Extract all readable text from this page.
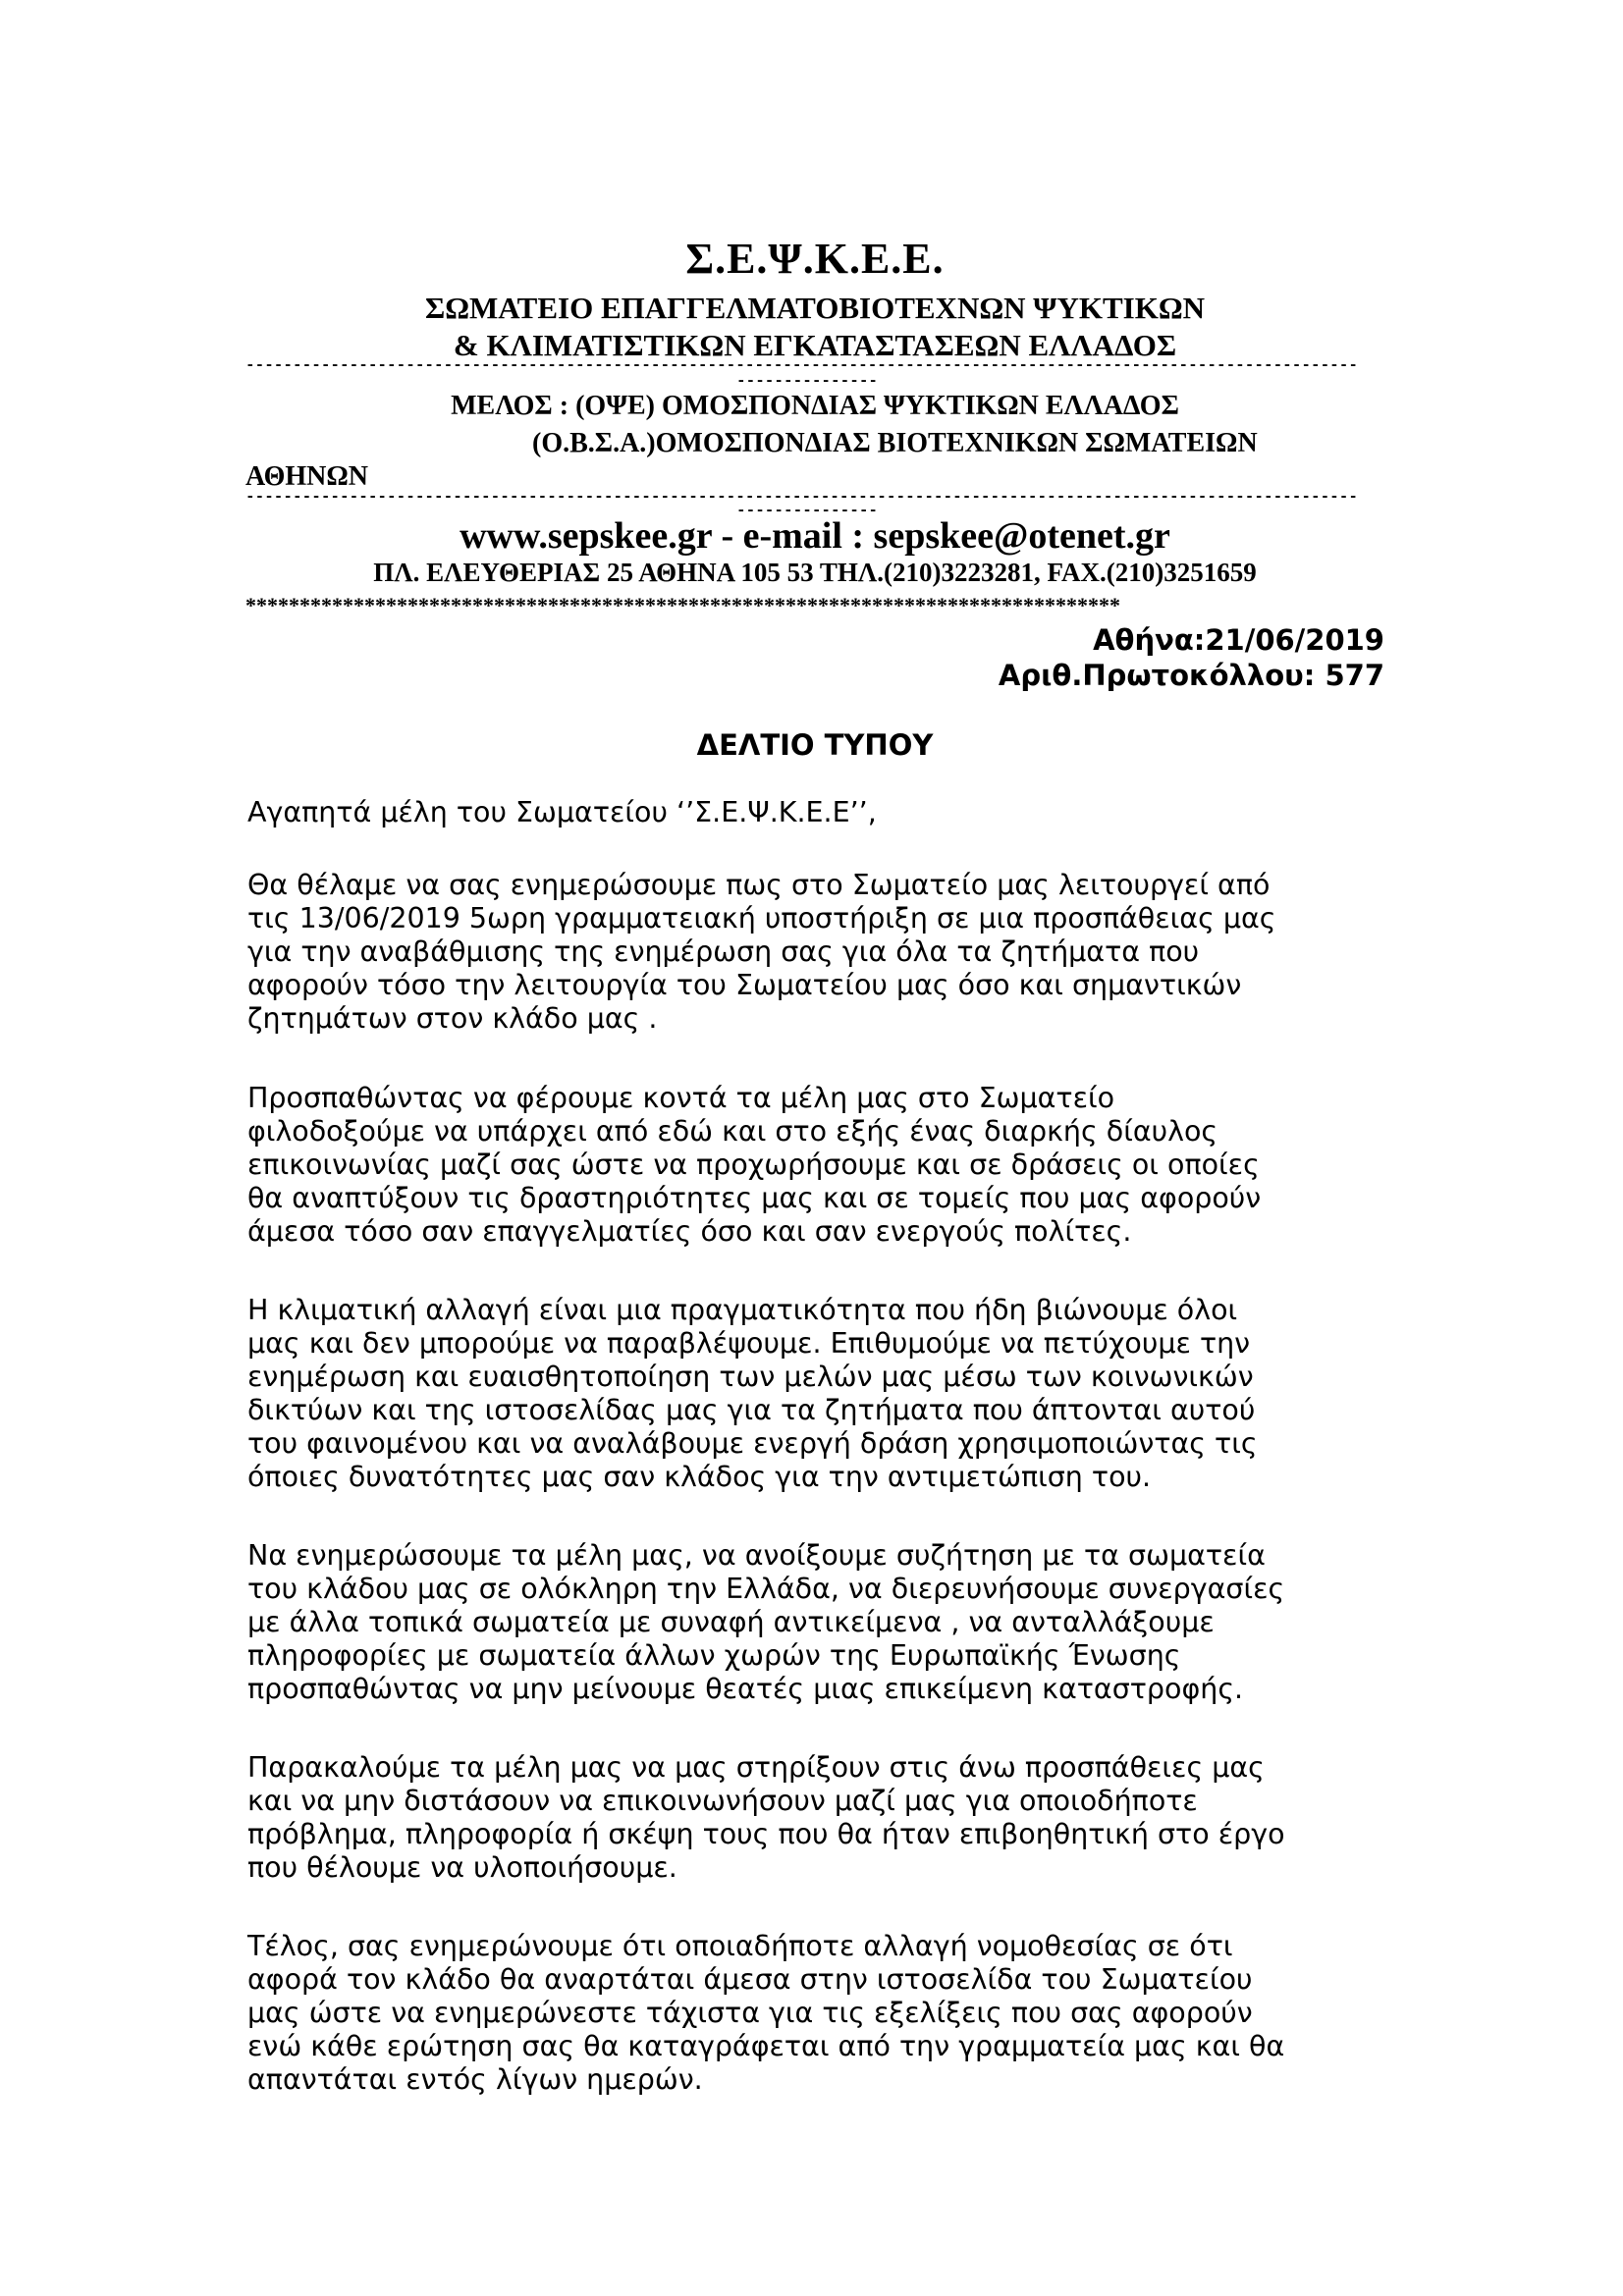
Σ.Ε.Ψ.Κ.Ε.Ε.
ΣΩΜΑΤΕΙΟ ΕΠΑΓΓΕΛΜΑΤΟΒΙΟΤΕΧΝΩΝ ΨΥΚΤΙΚΩΝ
& ΚΛΙΜΑΤΙΣΤΙΚΩΝ ΕΓΚΑΤΑΣΤΑΣΕΩΝ ΕΛΛΑΔΟΣ
----------------------------------------------------------------------------------------------------------------------
---------------
ΜΕΛΟΣ : (ΟΨΕ) ΟΜΟΣΠΟΝΔΙΑΣ ΨΥΚΤΙΚΩΝ ΕΛΛΑΔΟΣ
(Ο.Β.Σ.Α.)ΟΜΟΣΠΟΝΔΙΑΣ ΒΙΟΤΕΧΝΙΚΩΝ ΣΩΜΑΤΕΙΩΝ
ΑΘΗΝΩΝ
----------------------------------------------------------------------------------------------------------------------
---------------
www.sepskee.gr - e-mail : sepskee@otenet.gr
ΠΛ. ΕΛΕΥΘΕΡΙΑΣ 25 ΑΘΗΝΑ 105 53 ΤΗΛ.(210)3223281, FAX.(210)3251659
*********************************************************************************
Αθήνα:21/06/2019
Αριθ.Πρωτοκόλλου: 577
ΔΕΛΤΙΟ ΤΥΠΟΥ
Αγαπητά μέλη του Σωματείου ‘’Σ.Ε.Ψ.Κ.Ε.Ε’’,

Θα θέλαμε να σας ενημερώσουμε πως στο Σωματείο μας λειτουργεί από

τις 13/06/2019 5ωρη γραμματειακή υποστήριξη σε μια προσπάθειας μας

για την αναβάθμισης της ενημέρωση σας για όλα τα ζητήματα που

αφορούν τόσο την λειτουργία του Σωματείου μας όσο και σημαντικών

ζητημάτων στον κλάδο μας .

Προσπαθώντας να φέρουμε κοντά τα μέλη μας στο Σωματείο

φιλοδοξούμε να υπάρχει από εδώ και στο εξής ένας διαρκής δίαυλος

επικοινωνίας μαζί σας ώστε να προχωρήσουμε και σε δράσεις οι οποίες

θα αναπτύξουν τις δραστηριότητες μας και σε τομείς που μας αφορούν

άμεσα τόσο σαν επαγγελματίες όσο και σαν ενεργούς πολίτες.

Η κλιματική αλλαγή είναι μια πραγματικότητα που ήδη βιώνουμε όλοι

μας και δεν μπορούμε να παραβλέψουμε. Επιθυμούμε να πετύχουμε την

ενημέρωση και ευαισθητοποίηση των μελών μας μέσω των κοινωνικών

δικτύων και της ιστοσελίδας μας για τα ζητήματα που άπτονται αυτού

του φαινομένου και να αναλάβουμε ενεργή δράση χρησιμοποιώντας τις

όποιες δυνατότητες μας σαν κλάδος για την αντιμετώπιση του.

Να ενημερώσουμε τα μέλη μας, να ανοίξουμε συζήτηση με τα σωματεία

του κλάδου μας σε ολόκληρη την Ελλάδα, να διερευνήσουμε συνεργασίες

με άλλα τοπικά σωματεία με συναφή αντικείμενα , να ανταλλάξουμε

πληροφορίες με σωματεία άλλων χωρών της Ευρωπαϊκής Ένωσης

προσπαθώντας να μην μείνουμε θεατές μιας επικείμενη καταστροφής.

Παρακαλούμε τα μέλη μας να μας στηρίξουν στις άνω προσπάθειες μας

και να μην διστάσουν να επικοινωνήσουν μαζί μας για οποιοδήποτε

πρόβλημα, πληροφορία ή σκέψη τους που θα ήταν επιβοηθητική στο έργο

που θέλουμε να υλοποιήσουμε.

Τέλος, σας ενημερώνουμε ότι οποιαδήποτε αλλαγή νομοθεσίας σε ότι

αφορά τον κλάδο θα αναρτάται άμεσα στην ιστοσελίδα του Σωματείου

μας ώστε να ενημερώνεστε τάχιστα για τις εξελίξεις που σας αφορούν

ενώ κάθε ερώτηση σας θα καταγράφεται από την γραμματεία μας και θα

απαντάται εντός λίγων ημερών.
